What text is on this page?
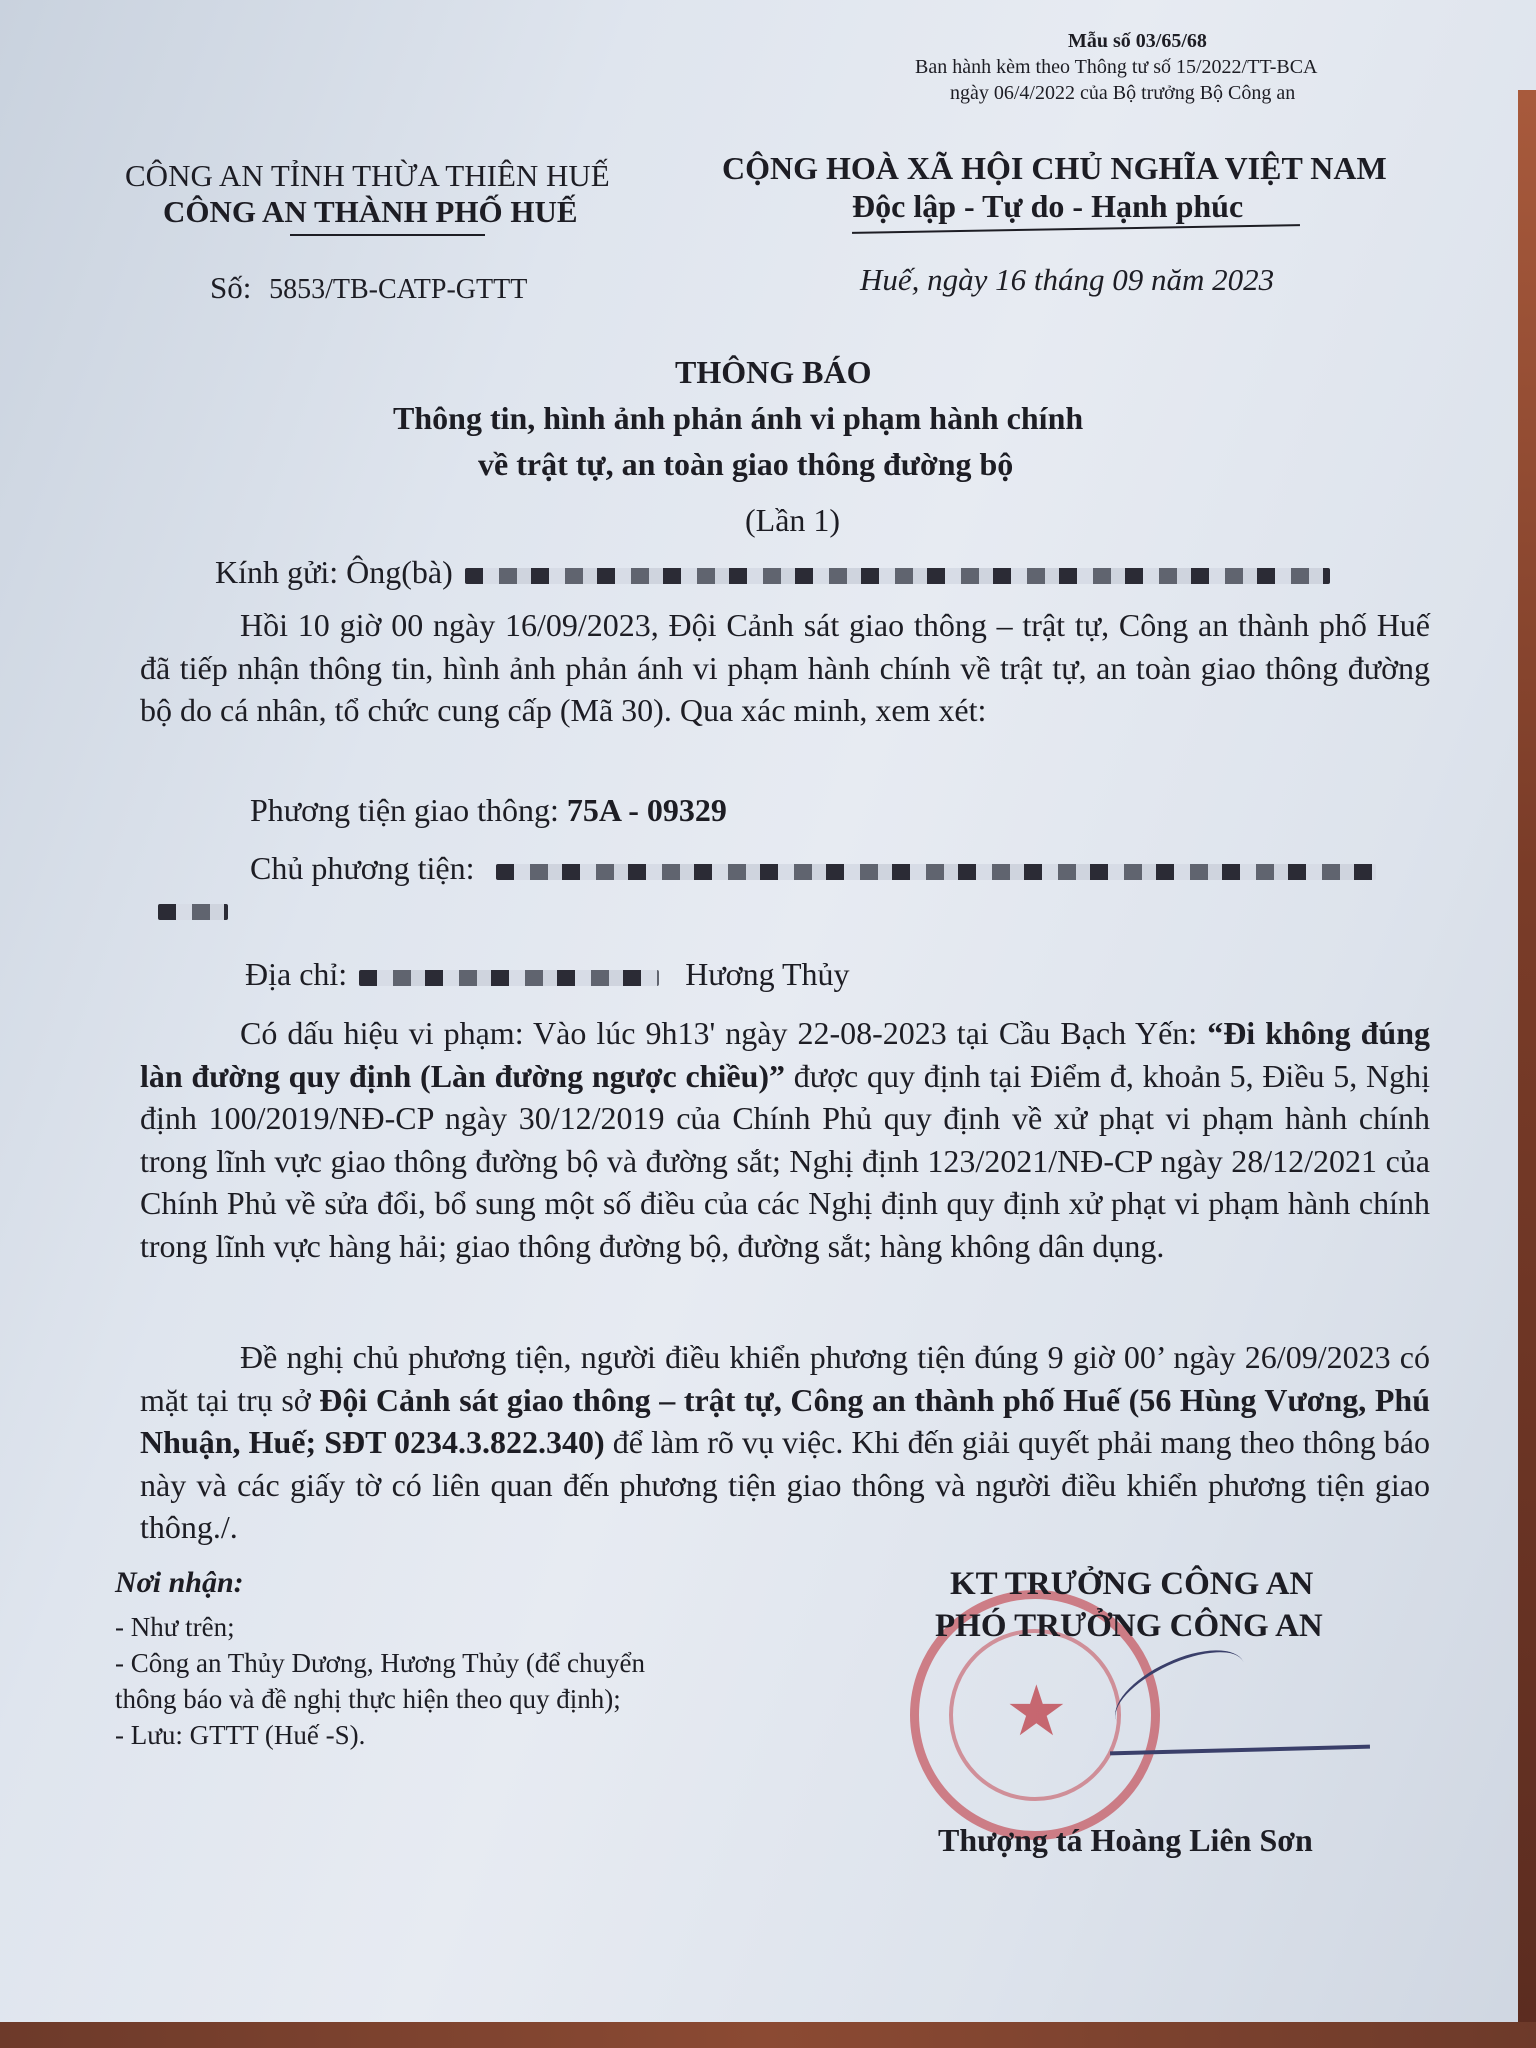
Mẫu số 03/65/68
Ban hành kèm theo Thông tư số 15/2022/TT-BCA
ngày 06/4/2022 của Bộ trưởng Bộ Công an
CÔNG AN TỈNH THỪA THIÊN HUẾ
CÔNG AN THÀNH PHỐ HUẾ
Số: 5853/TB-CATP-GTTT
CỘNG HOÀ XÃ HỘI CHỦ NGHĨA VIỆT NAM
Độc lập - Tự do - Hạnh phúc
Huế, ngày 16 tháng 09 năm 2023
THÔNG BÁO
Thông tin, hình ảnh phản ánh vi phạm hành chính
về trật tự, an toàn giao thông đường bộ
(Lần 1)
Kính gửi: Ông(bà)
Hồi 10 giờ 00 ngày 16/09/2023, Đội Cảnh sát giao thông – trật tự, Công an thành phố Huế đã tiếp nhận thông tin, hình ảnh phản ánh vi phạm hành chính về trật tự, an toàn giao thông đường bộ do cá nhân, tổ chức cung cấp (Mã 30). Qua xác minh, xem xét:
Phương tiện giao thông: 75A - 09329
Chủ phương tiện:
Địa chỉ:	Hương Thủy
Có dấu hiệu vi phạm: Vào lúc 9h13' ngày 22-08-2023 tại Cầu Bạch Yến: “Đi không đúng làn đường quy định (Làn đường ngược chiều)” được quy định tại Điểm đ, khoản 5, Điều 5, Nghị định 100/2019/NĐ-CP ngày 30/12/2019 của Chính Phủ quy định về xử phạt vi phạm hành chính trong lĩnh vực giao thông đường bộ và đường sắt; Nghị định 123/2021/NĐ-CP ngày 28/12/2021 của Chính Phủ về sửa đổi, bổ sung một số điều của các Nghị định quy định xử phạt vi phạm hành chính trong lĩnh vực hàng hải; giao thông đường bộ, đường sắt; hàng không dân dụng.
Đề nghị chủ phương tiện, người điều khiển phương tiện đúng 9 giờ 00’ ngày 26/09/2023 có mặt tại trụ sở Đội Cảnh sát giao thông – trật tự, Công an thành phố Huế (56 Hùng Vương, Phú Nhuận, Huế; SĐT 0234.3.822.340) để làm rõ vụ việc. Khi đến giải quyết phải mang theo thông báo này và các giấy tờ có liên quan đến phương tiện giao thông và người điều khiển phương tiện giao thông./.
Nơi nhận:
- Như trên;
- Công an Thủy Dương, Hương Thủy (để chuyển
thông báo và đề nghị thực hiện theo quy định);
- Lưu: GTTT (Huế -S).	★
KT TRƯỞNG CÔNG AN
PHÓ TRƯỞNG CÔNG AN
Thượng tá Hoàng Liên Sơn
